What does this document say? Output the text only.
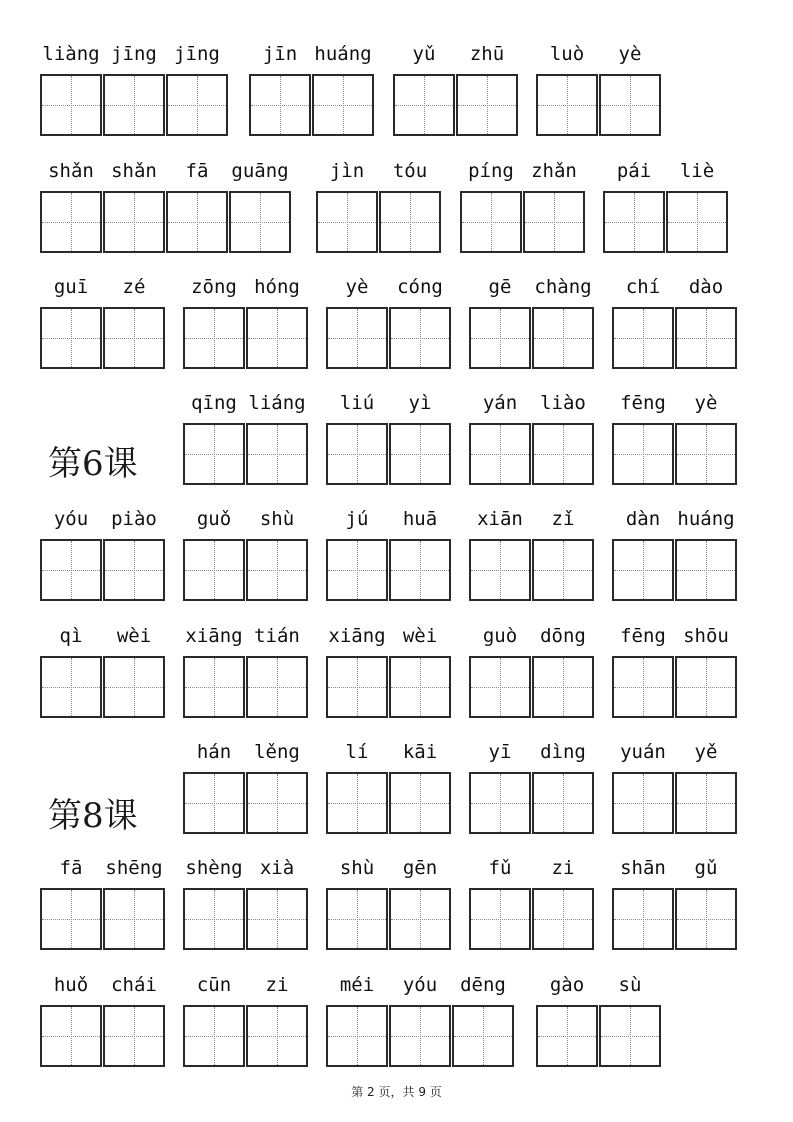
liàng jīng jīng	jīn huáng	yǔ	zhū	luò	yè
shǎn shǎn	fā	guāng	jìn	tóu	píng zhǎn	pái	liè
guī	zé	zōng hóng	yè	cóng	gē	chàng	chí	dào
qīng liáng	liú	yì	yán	liào	fēng	yè
第6课
yóu	piào	guǒ	shù	jú	huā	xiān	zǐ	dàn huáng
qì	wèi	xiāng tián	xiāng wèi	guò	dōng	fēng shōu
hán	lěng	lí	kāi	yī	dìng	yuán	yě
第8课
fā	shēng shèng xià	shù	gēn	fǔ	zi	shān	gǔ
huǒ	chái	cūn	zi	méi	yóu	dēng	gào	sù
第 2 页，共 9 页
